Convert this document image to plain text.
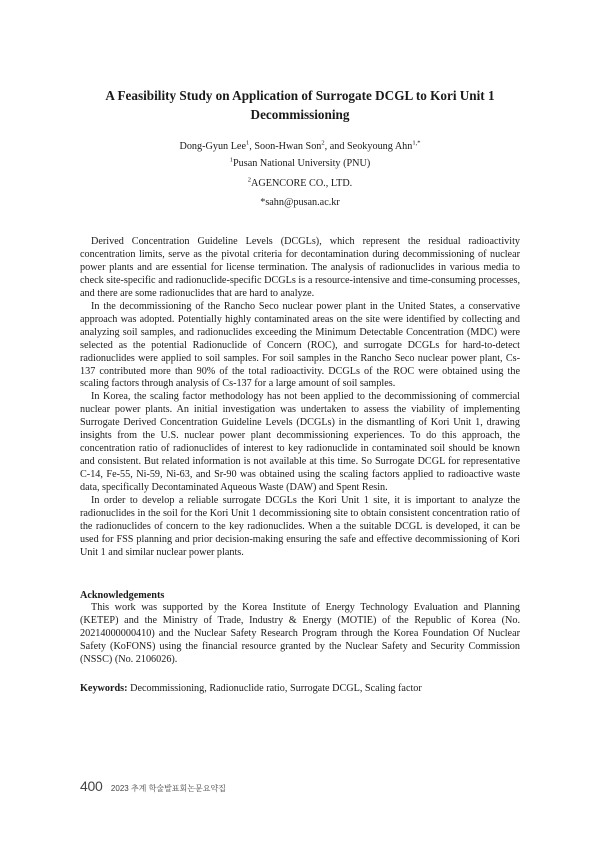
A Feasibility Study on Application of Surrogate DCGL to Kori Unit 1 Decommissioning
Dong-Gyun Lee$^1$, Soon-Hwan Son$^2$, and Seokyoung Ahn$^{1,*}$
$^1$Pusan National University (PNU)
$^2$AGENCORE CO., LTD.
*sahn@pusan.ac.kr

Derived Concentration Guideline Levels (DCGLs), which represent the residual radioactivity concentration limits, serve as the pivotal criteria for decontamination during decommissioning of nuclear power plants and are essential for license termination. The analysis of radionuclides in various media to check site-specific and radionuclide-specific DCGLs is a resource-intensive and time-consuming processes, and there are some radionuclides that are hard to analyze.

In the decommissioning of the Rancho Seco nuclear power plant in the United States, a conservative approach was adopted. Potentially highly contaminated areas on the site were identified by collecting and analyzing soil samples, and radionuclides exceeding the Minimum Detectable Concentration (MDC) were selected as the potential Radionuclide of Concern (ROC), and surrogate DCGLs for hard-to-detect radionuclides were applied to soil samples. For soil samples in the Rancho Seco nuclear power plant, Cs-137 contributed more than 90% of the total radioactivity. DCGLs of the ROC were obtained using the scaling factors through analysis of Cs-137 for a large amount of soil samples.

In Korea, the scaling factor methodology has not been applied to the decommissioning of commercial nuclear power plants. An initial investigation was undertaken to assess the viability of implementing Surrogate Derived Concentration Guideline Levels (DCGLs) in the dismantling of Kori Unit 1, drawing insights from the U.S. nuclear power plant decommissioning experiences. To do this approach, the concentration ratio of radionuclides of interest to key radionuclide in contaminated soil should be known and consistent. But related information is not available at this time. So Surrogate DCGL for representative C-14, Fe-55, Ni-59, Ni-63, and Sr-90 was obtained using the scaling factors applied to radioactive waste data, specifically Decontaminated Aqueous Waste (DAW) and Spent Resin.

In order to develop a reliable surrogate DCGLs the Kori Unit 1 site, it is important to analyze the radionuclides in the soil for the Kori Unit 1 decommissioning site to obtain consistent concentration ratio of the radionuclides of concern to the key radionuclides. When a the suitable DCGL is developed, it can be used for FSS planning and prior decision-making ensuring the safe and effective decommissioning of Kori Unit 1 and similar nuclear power plants.

Acknowledgements

This work was supported by the Korea Institute of Energy Technology Evaluation and Planning (KETEP) and the Ministry of Trade, Industry & Energy (MOTIE) of the Republic of Korea (No. 20214000000410) and the Nuclear Safety Research Program through the Korea Foundation Of Nuclear Safety (KoFONS) using the financial resource granted by the Nuclear Safety and Security Commission (NSSC) (No. 2106026).

Keywords: Decommissioning, Radionuclide ratio, Surrogate DCGL, Scaling factor
400 2023 추계 학술발표회논문요약집
